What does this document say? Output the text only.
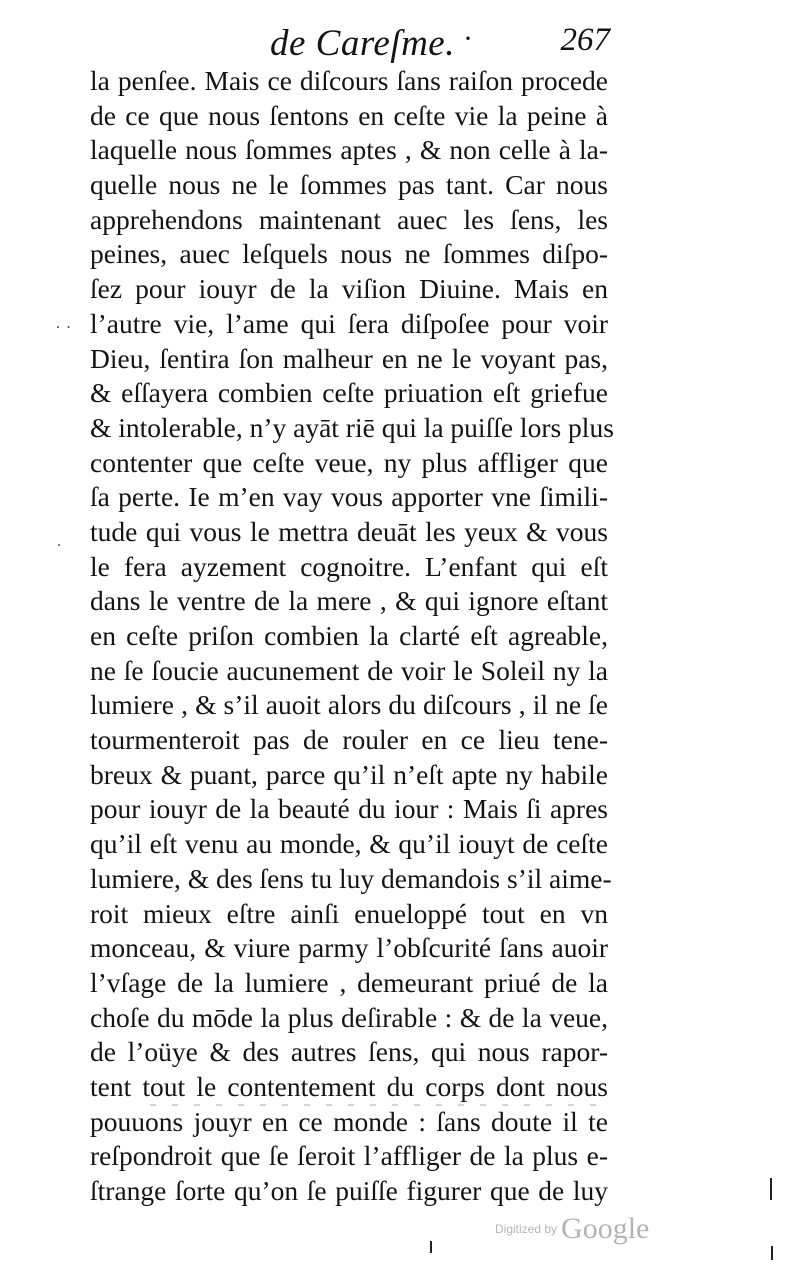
de Careſme. ·	267
la penſee. Mais ce diſcours ſans raiſon procede
de ce que nous ſentons en ceſte vie la peine à
laquelle nous ſommes aptes , & non celle à la-
quelle nous ne le ſommes pas tant. Car nous
apprehendons maintenant auec les ſens, les
peines, auec leſquels nous ne ſommes diſpo-
ſez pour iouyr de la viſion Diuine. Mais en
l’autre vie, l’ame qui ſera diſpoſee pour voir
Dieu, ſentira ſon malheur en ne le voyant pas,
& eſſayera combien ceſte priuation eſt griefue
& intolerable, n’y ayāt riē qui la puiſſe lors plus
contenter que ceſte veue, ny plus affliger que
ſa perte. Ie m’en vay vous apporter vne ſimili-
tude qui vous le mettra deuāt les yeux & vous
le fera ayzement cognoitre. L’enfant qui eſt
dans le ventre de la mere , & qui ignore eſtant
en ceſte priſon combien la clarté eſt agreable,
ne ſe ſoucie aucunement de voir le Soleil ny la
lumiere , & s’il auoit alors du diſcours , il ne ſe
tourmenteroit pas de rouler en ce lieu tene-
breux & puant, parce qu’il n’eſt apte ny habile
pour iouyr de la beauté du iour : Mais ſi apres
qu’il eſt venu au monde, & qu’il iouyt de ceſte
lumiere, & des ſens tu luy demandois s’il aime-
roit mieux eſtre ainſi enueloppé tout en vn
monceau, & viure parmy l’obſcurité ſans auoir
l’vſage de la lumiere , demeurant priué de la
choſe du mōde la plus deſirable : & de la veue,
de l’oüye & des autres ſens, qui nous rapor-
tent tout le contentement du corps dont nous
pouuons jouyr en ce monde : ſans doute il te
reſpondroit que ſe ſeroit l’affliger de la plus e-
ſtrange ſorte qu’on ſe puiſſe figurer que de luy
˙ ˙
˙
Digitized by Google
